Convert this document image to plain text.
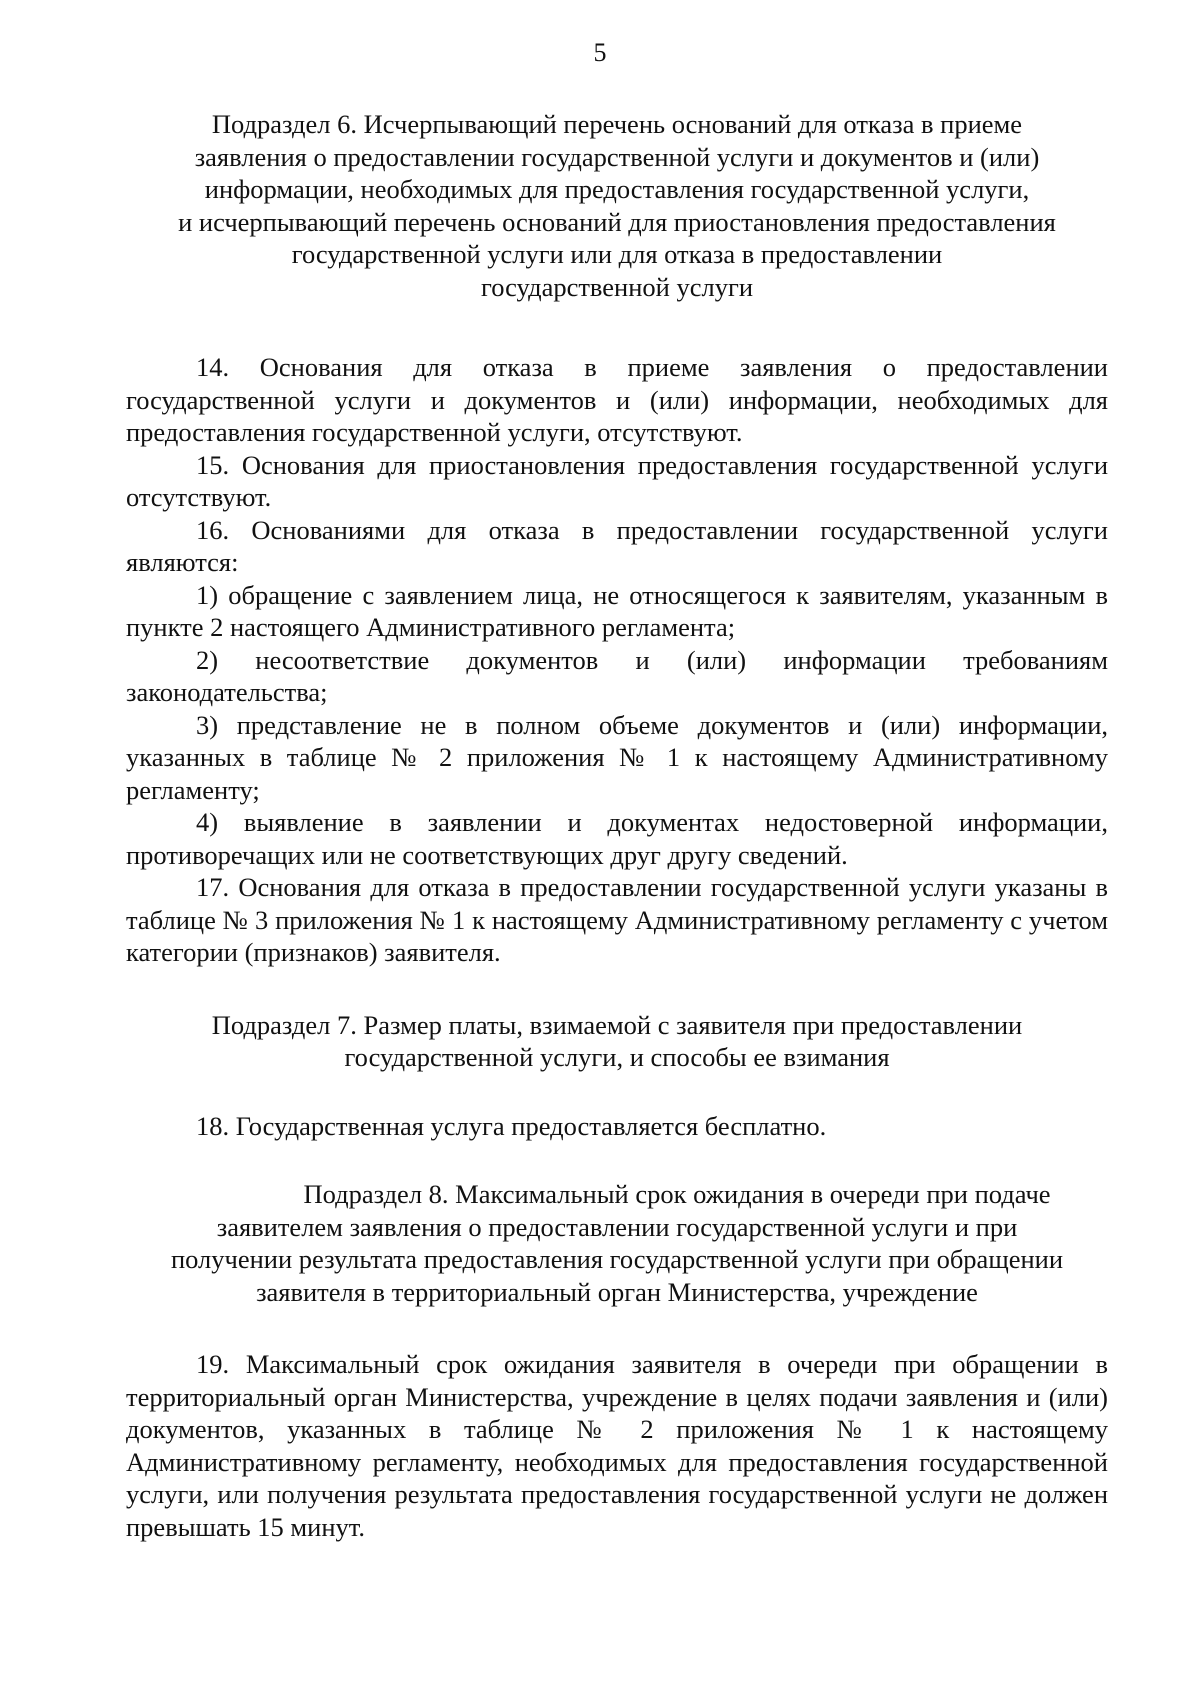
5
Подраздел 6. Исчерпывающий перечень оснований для отказа в приеме
заявления о предоставлении государственной услуги и документов и (или)
информации, необходимых для предоставления государственной услуги,
и исчерпывающий перечень оснований для приостановления предоставления
государственной услуги или для отказа в предоставлении
государственной услуги

14. Основания для отказа в приеме заявления о предоставлении государственной услуги и документов и (или) информации, необходимых для предоставления государственной услуги, отсутствуют.

15. Основания для приостановления предоставления государственной услуги отсутствуют.

16. Основаниями для отказа в предоставлении государственной услуги являются:

1) обращение с заявлением лица, не относящегося к заявителям, указанным в пункте 2 настоящего Административного регламента;

2) несоответствие документов и (или) информации требованиям законодательства;

3) представление не в полном объеме документов и (или) информации, указанных в таблице № 2 приложения № 1 к настоящему Административному регламенту;

4) выявление в заявлении и документах недостоверной информации, противоречащих или не соответствующих друг другу сведений.

17. Основания для отказа в предоставлении государственной услуги указаны в таблице № 3 приложения № 1 к настоящему Административному регламенту с учетом категории (признаков) заявителя.

Подраздел 7. Размер платы, взимаемой с заявителя при предоставлении
государственной услуги, и способы ее взимания

18. Государственная услуга предоставляется бесплатно.

Подраздел 8. Максимальный срок ожидания в очереди при подаче
заявителем заявления о предоставлении государственной услуги и при
получении результата предоставления государственной услуги при обращении
заявителя в территориальный орган Министерства, учреждение

19. Максимальный срок ожидания заявителя в очереди при обращении в территориальный орган Министерства, учреждение в целях подачи заявления и (или) документов, указанных в таблице № 2 приложения № 1 к настоящему Административному регламенту, необходимых для предоставления государственной услуги, или получения результата предоставления государственной услуги не должен превышать 15 минут.
